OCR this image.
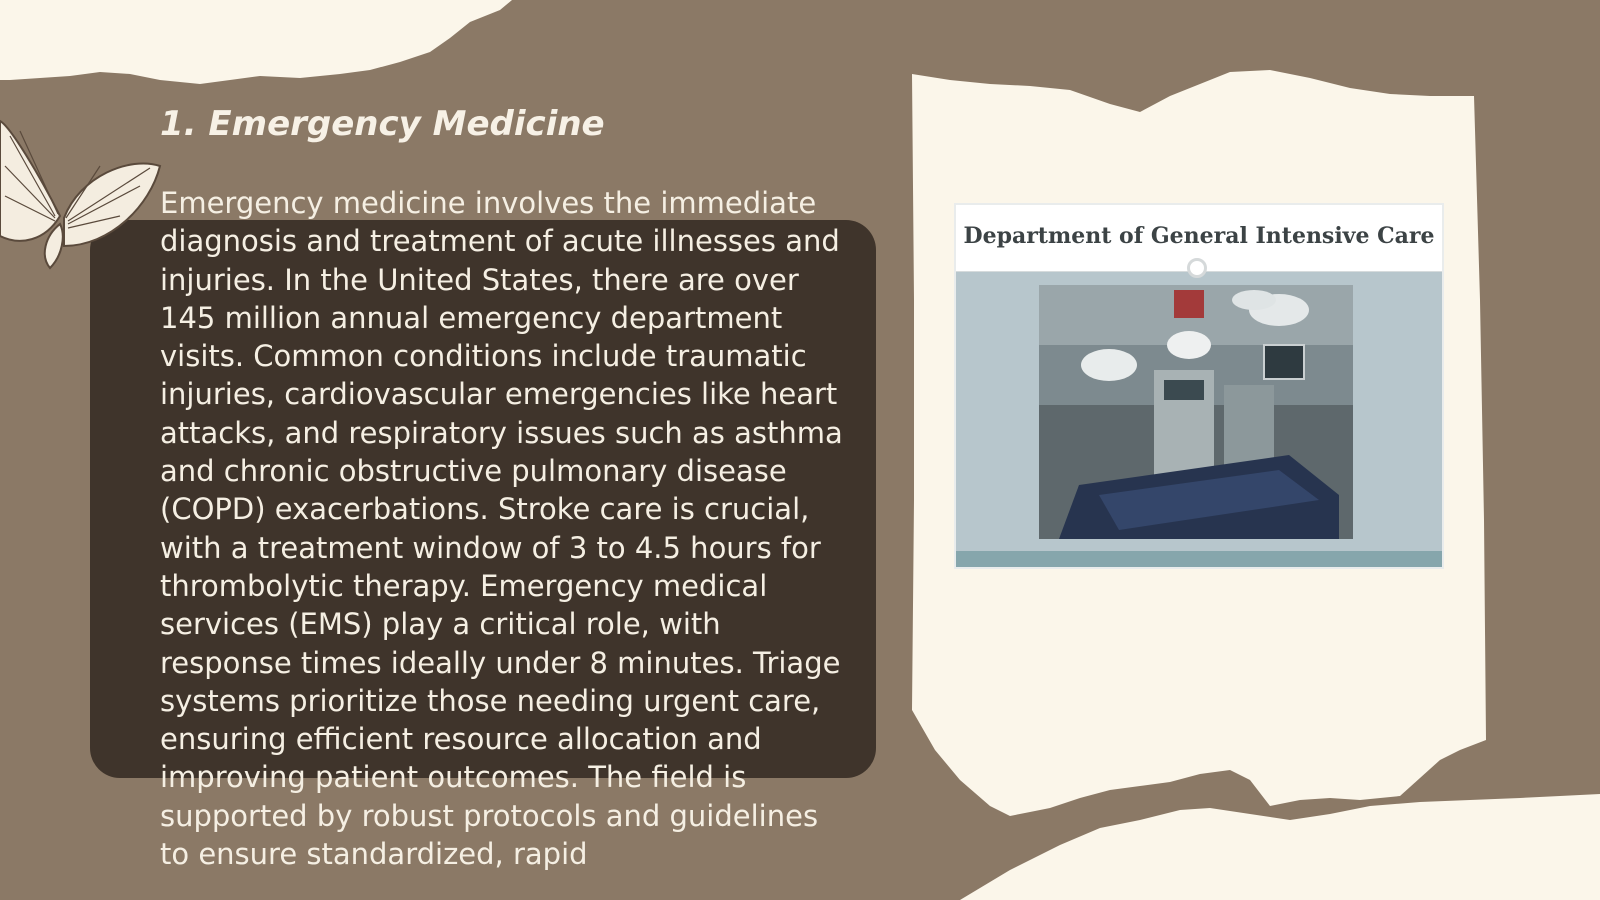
1. Emergency Medicine

Emergency medicine involves the immediate diagnosis and treatment of acute illnesses and injuries. In the United States, there are over 145 million annual emergency department visits. Common conditions include traumatic injuries, cardiovascular emergencies like heart attacks, and respiratory issues such as asthma and chronic obstructive pulmonary disease (COPD) exacerbations. Stroke care is crucial, with a treatment window of 3 to 4.5 hours for thrombolytic therapy. Emergency medical services (EMS) play a critical role, with response times ideally under 8 minutes. Triage systems prioritize those needing urgent care, ensuring efficient resource allocation and improving patient outcomes. The field is supported by robust protocols and guidelines to ensure standardized, rapid

Department of General Intensive Care
